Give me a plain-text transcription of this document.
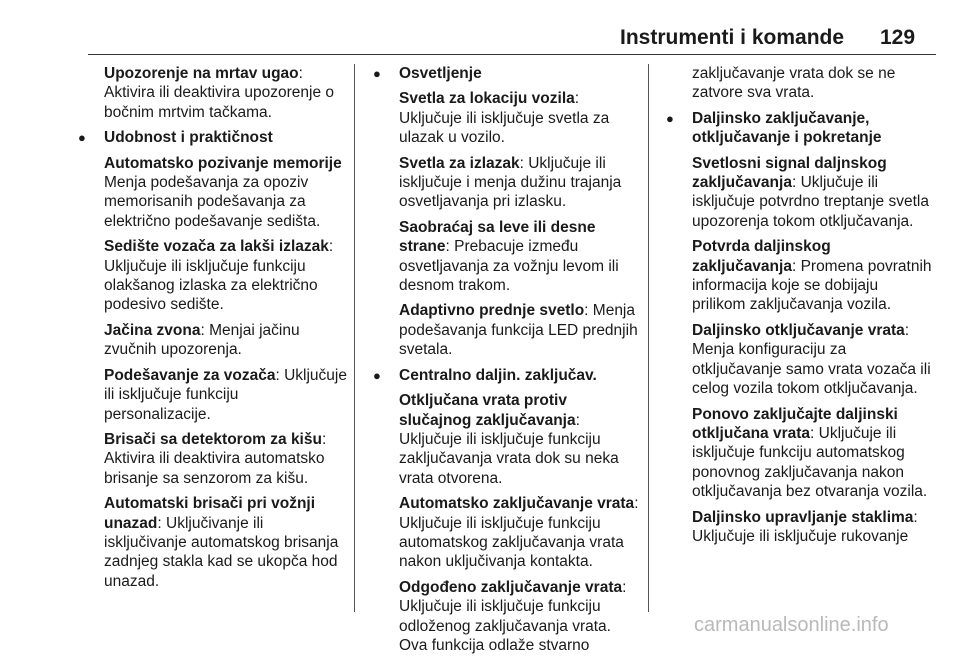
Instrumenti i komande 129

Upozorenje na mrtav ugao: Aktivira ili deaktivira upozorenje o bočnim mrtvim tačkama.

● Udobnost i praktičnost

Automatsko pozivanje memorije Menja podešavanja za opoziv memorisanih podešavanja za električno podešavanje sedišta.

Sedište vozača za lakši izlazak: Uključuje ili isključuje funkciju olakšanog izlaska za električno podesivo sedište.

Jačina zvona: Menjai jačinu zvučnih upozorenja.

Podešavanje za vozača: Uključuje ili isključuje funkciju personalizacije.

Brisači sa detektorom za kišu: Aktivira ili deaktivira automatsko brisanje sa senzorom za kišu.

Automatski brisači pri vožnji unazad: Uključivanje ili isključivanje automatskog brisanja zadnjeg stakla kad se ukopča hod unazad.

● Osvetljenje

Svetla za lokaciju vozila: Uključuje ili isključuje svetla za ulazak u vozilo.

Svetla za izlazak: Uključuje ili isključuje i menja dužinu trajanja osvetljavanja pri izlasku.

Saobraćaj sa leve ili desne strane: Prebacuje između osvetljavanja za vožnju levom ili desnom trakom.

Adaptivno prednje svetlo: Menja podešavanja funkcija LED prednjih svetala.

● Centralno daljin. zaključav.

Otključana vrata protiv slučajnog zaključavanja: Uključuje ili isključuje funkciju zaključavanja vrata dok su neka vrata otvorena.

Automatsko zaključavanje vrata: Uključuje ili isključuje funkciju automatskog zaključavanja vrata nakon uključivanja kontakta.

Odgođeno zaključavanje vrata: Uključuje ili isključuje funkciju odloženog zaključavanja vrata. Ova funkcija odlaže stvarno

zaključavanje vrata dok se ne zatvore sva vrata.

● Daljinsko zaključavanje, otključavanje i pokretanje

Svetlosni signal daljnskog zaključavanja: Uključuje ili isključuje potvrdno treptanje svetla upozorenja tokom otključavanja.

Potvrda daljinskog zaključavanja: Promena povratnih informacija koje se dobijaju prilikom zaključavanja vozila.

Daljinsko otključavanje vrata: Menja konfiguraciju za otključavanje samo vrata vozača ili celog vozila tokom otključavanja.

Ponovo zaključajte daljinski otključana vrata: Uključuje ili isključuje funkciju automatskog ponovnog zaključavanja nakon otključavanja bez otvaranja vozila.

Daljinsko upravljanje staklima: Uključuje ili isključuje rukovanje

carmanualsonline.info
